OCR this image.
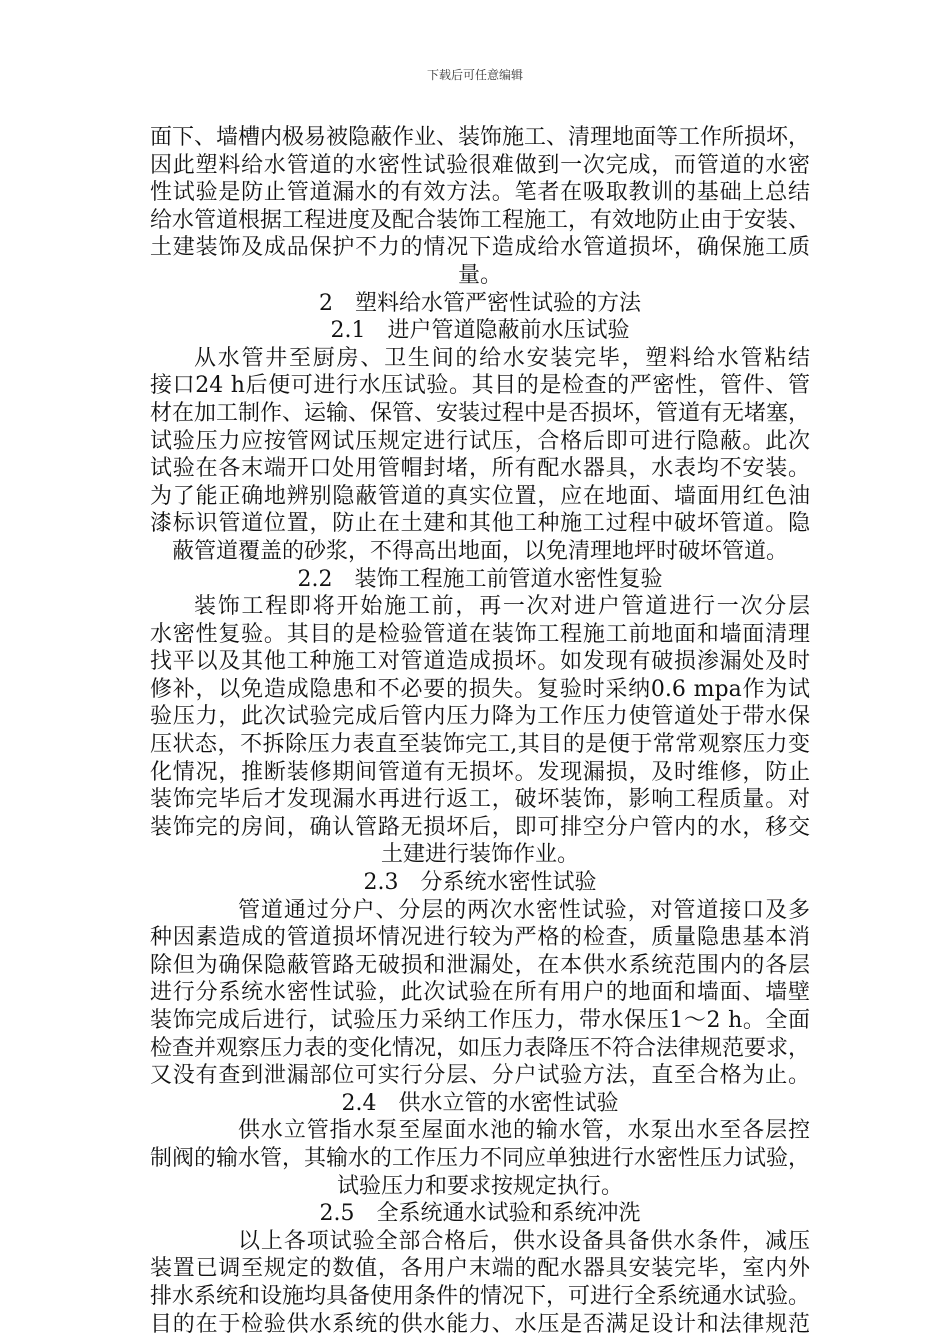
下载后可任意编辑
面下、墙槽内极易被隐蔽作业、装饰施工、清理地面等工作所损坏，
因此塑料给水管道的水密性试验很难做到一次完成，而管道的水密
性试验是防止管道漏水的有效方法。笔者在吸取教训的基础上总结
给水管道根据工程进度及配合装饰工程施工，有效地防止由于安装、
土建装饰及成品保护不力的情况下造成给水管道损坏，确保施工质
量。
2　塑料给水管严密性试验的方法
2.1　进户管道隐蔽前水压试验
从水管井至厨房、卫生间的给水安装完毕，塑料给水管粘结
接口24 h后便可进行水压试验。其目的是检查的严密性，管件、管
材在加工制作、运输、保管、安装过程中是否损坏，管道有无堵塞，
试验压力应按管网试压规定进行试压，合格后即可进行隐蔽。此次
试验在各末端开口处用管帽封堵，所有配水器具，水表均不安装。
为了能正确地辨别隐蔽管道的真实位置，应在地面、墙面用红色油
漆标识管道位置，防止在土建和其他工种施工过程中破坏管道。隐
蔽管道覆盖的砂浆，不得高出地面，以免清理地坪时破坏管道。
2.2　装饰工程施工前管道水密性复验
装饰工程即将开始施工前，再一次对进户管道进行一次分层
水密性复验。其目的是检验管道在装饰工程施工前地面和墙面清理
找平以及其他工种施工对管道造成损坏。如发现有破损渗漏处及时
修补，以免造成隐患和不必要的损失。复验时采纳0.6 mpa作为试
验压力，此次试验完成后管内压力降为工作压力使管道处于带水保
压状态，不拆除压力表直至装饰完工,其目的是便于常常观察压力变
化情况，推断装修期间管道有无损坏。发现漏损，及时维修，防止
装饰完毕后才发现漏水再进行返工，破坏装饰，影响工程质量。对
装饰完的房间，确认管路无损坏后，即可排空分户管内的水，移交
土建进行装饰作业。
2.3　分系统水密性试验
管道通过分户、分层的两次水密性试验，对管道接口及多
种因素造成的管道损坏情况进行较为严格的检查，质量隐患基本消
除但为确保隐蔽管路无破损和泄漏处，在本供水系统范围内的各层
进行分系统水密性试验，此次试验在所有用户的地面和墙面、墙壁
装饰完成后进行，试验压力采纳工作压力，带水保压1～2 h。全面
检查并观察压力表的变化情况，如压力表降压不符合法律规范要求，
又没有查到泄漏部位可实行分层、分户试验方法，直至合格为止。
2.4　供水立管的水密性试验
供水立管指水泵至屋面水池的输水管，水泵出水至各层控
制阀的输水管，其输水的工作压力不同应单独进行水密性压力试验，
试验压力和要求按规定执行。
2.5　全系统通水试验和系统冲洗
以上各项试验全部合格后，供水设备具备供水条件，减压
装置已调至规定的数值，各用户末端的配水器具安装完毕，室内外
排水系统和设施均具备使用条件的情况下，可进行全系统通水试验。
目的在于检验供水系统的供水能力、水压是否满足设计和法律规范
